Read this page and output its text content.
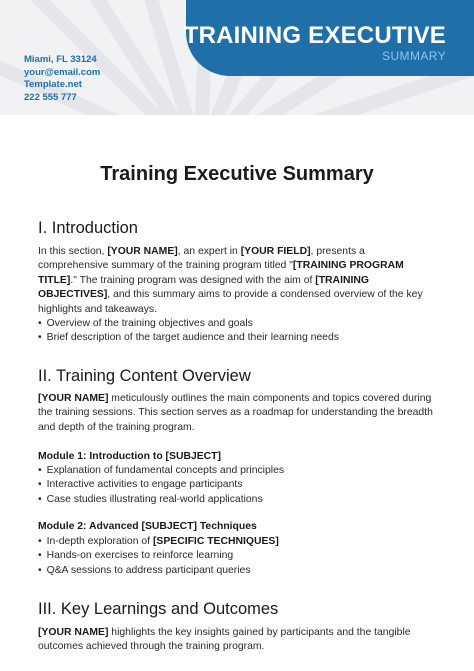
Miami, FL 33124
your@email.com
Template.net
222 555 777
TRAINING EXECUTIVE
SUMMARY
Training Executive Summary
I. Introduction

In this section, [YOUR NAME], an expert in [YOUR FIELD], presents a comprehensive summary of the training program titled "[TRAINING PROGRAM TITLE]." The training program was designed with the aim of [TRAINING OBJECTIVES], and this summary aims to provide a condensed overview of the key highlights and takeaways.

• Overview of the training objectives and goals
• Brief description of the target audience and their learning needs
II. Training Content Overview

[YOUR NAME] meticulously outlines the main components and topics covered during the training sessions. This section serves as a roadmap for understanding the breadth and depth of the training program.

Module 1: Introduction to [SUBJECT]
• Explanation of fundamental concepts and principles
• Interactive activities to engage participants
• Case studies illustrating real-world applications
Module 2: Advanced [SUBJECT] Techniques
• In-depth exploration of [SPECIFIC TECHNIQUES]
• Hands-on exercises to reinforce learning
• Q&A sessions to address participant queries
III. Key Learnings and Outcomes

[YOUR NAME] highlights the key insights gained by participants and the tangible outcomes achieved through the training program.
